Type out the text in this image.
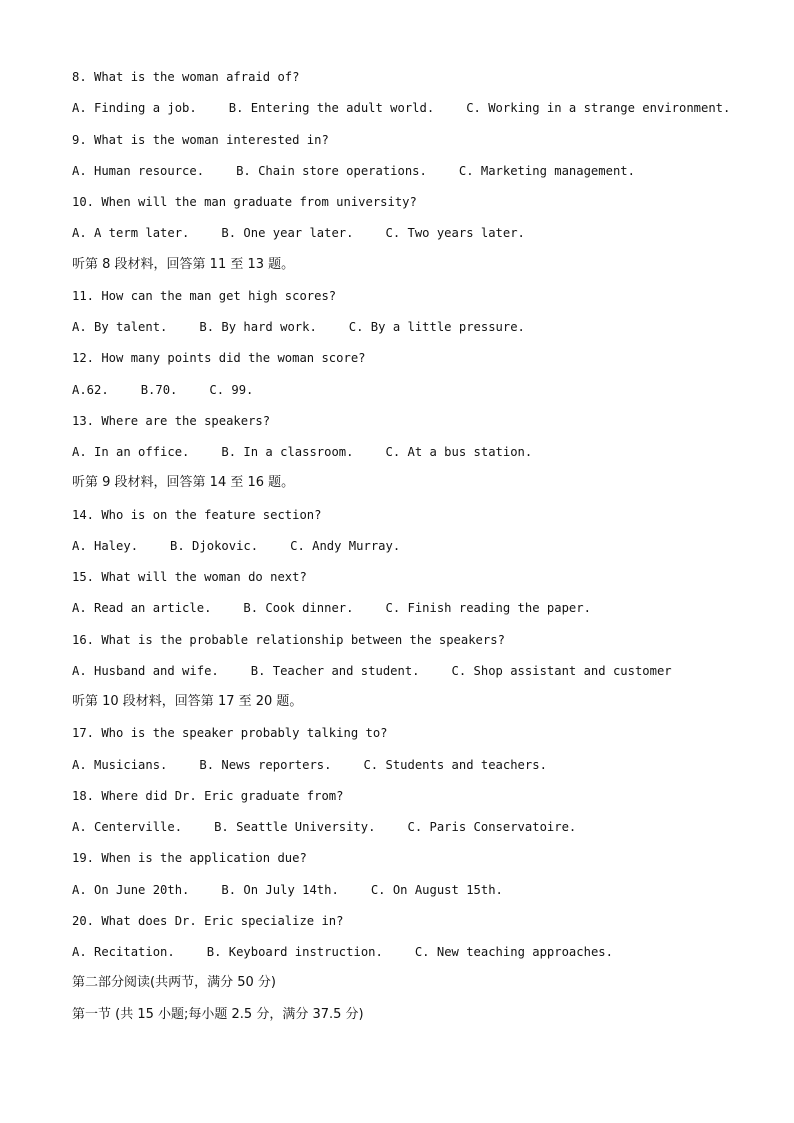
8. What is the woman afraid of?
A. Finding a job.	B. Entering the adult world.	C. Working in a strange environment.
9. What is the woman interested in?
A. Human resource.	B. Chain store operations.	C. Marketing management.
10. When will the man graduate from university?
A. A term later.	B. One year later.	C. Two years later.
听第 8 段材料，回答第 11 至 13 题。
11. How can the man get high scores?
A. By talent.	B. By hard work.	C. By a little pressure.
12. How many points did the woman score?
A.62.	B.70.	C. 99.
13. Where are the speakers?
A. In an office.	B. In a classroom.	C. At a bus station.
听第 9 段材料，回答第 14 至 16 题。
14. Who is on the feature section?
A. Haley.	B. Djokovic.	C. Andy Murray.
15. What will the woman do next?
A. Read an article.	B. Cook dinner.	C. Finish reading the paper.
16. What is the probable relationship between the speakers?
A. Husband and wife.	B. Teacher and student.	C. Shop assistant and customer
听第 10 段材料，回答第 17 至 20 题。
17. Who is the speaker probably talking to?
A. Musicians.	B. News reporters.	C. Students and teachers.
18. Where did Dr. Eric graduate from?
A. Centerville.	B. Seattle University.	C. Paris Conservatoire.
19. When is the application due?
A. On June 20th.	B. On July 14th.	C. On August 15th.
20. What does Dr. Eric specialize in?
A. Recitation.	B. Keyboard instruction.	C. New teaching approaches.
第二部分阅读(共两节，满分 50 分)
第一节 (共 15 小题;每小题 2.5 分，满分 37.5 分)
